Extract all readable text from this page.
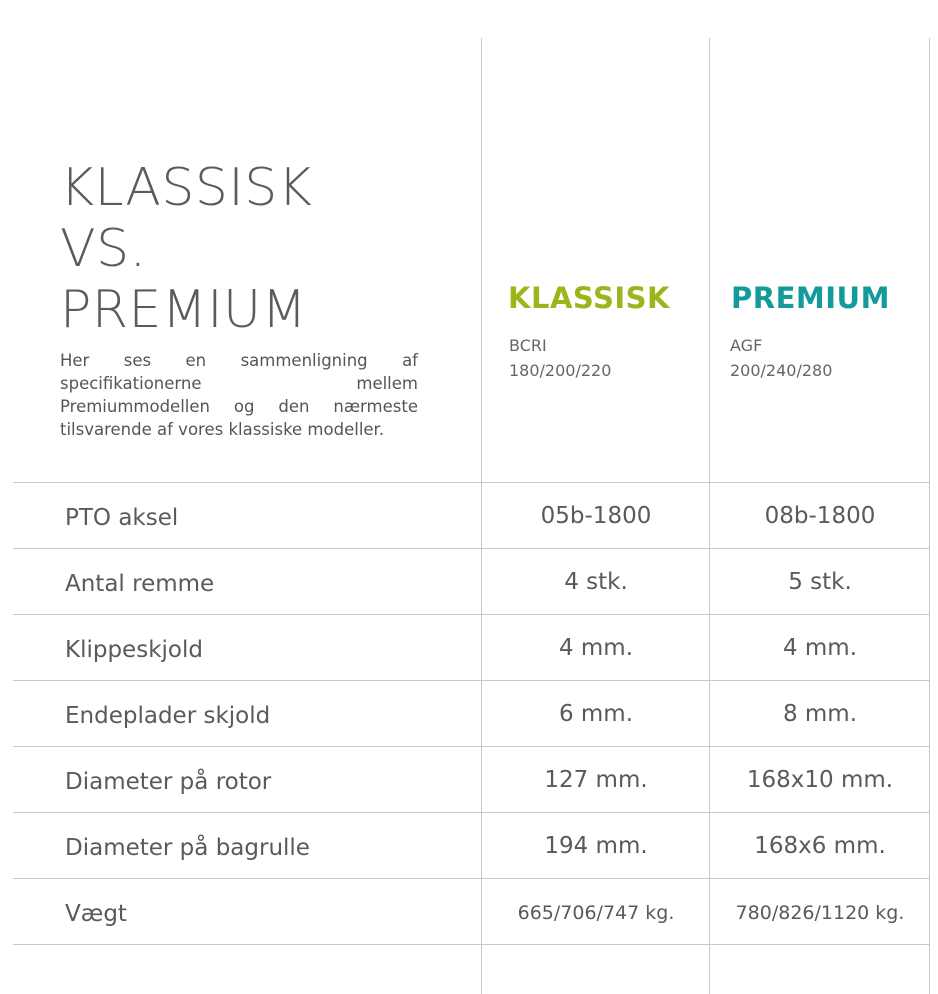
KLASSISK
VS.
PREMIUM
Her ses en sammenligning af specifikationerne mellem Premiummodellen og den nærmeste tilsvarende af vores klassiske modeller.
KLASSISK
BCRI
180/200/220
PREMIUM
AGF
200/240/280
PTO aksel	05b-1800	08b-1800
Antal remme	4 stk.	5 stk.
Klippeskjold	4 mm.	4 mm.
Endeplader skjold	6 mm.	8 mm.
Diameter på rotor	127 mm.	168x10 mm.
Diameter på bagrulle	194 mm.	168x6 mm.
Vægt	665/706/747 kg.	780/826/1120 kg.
